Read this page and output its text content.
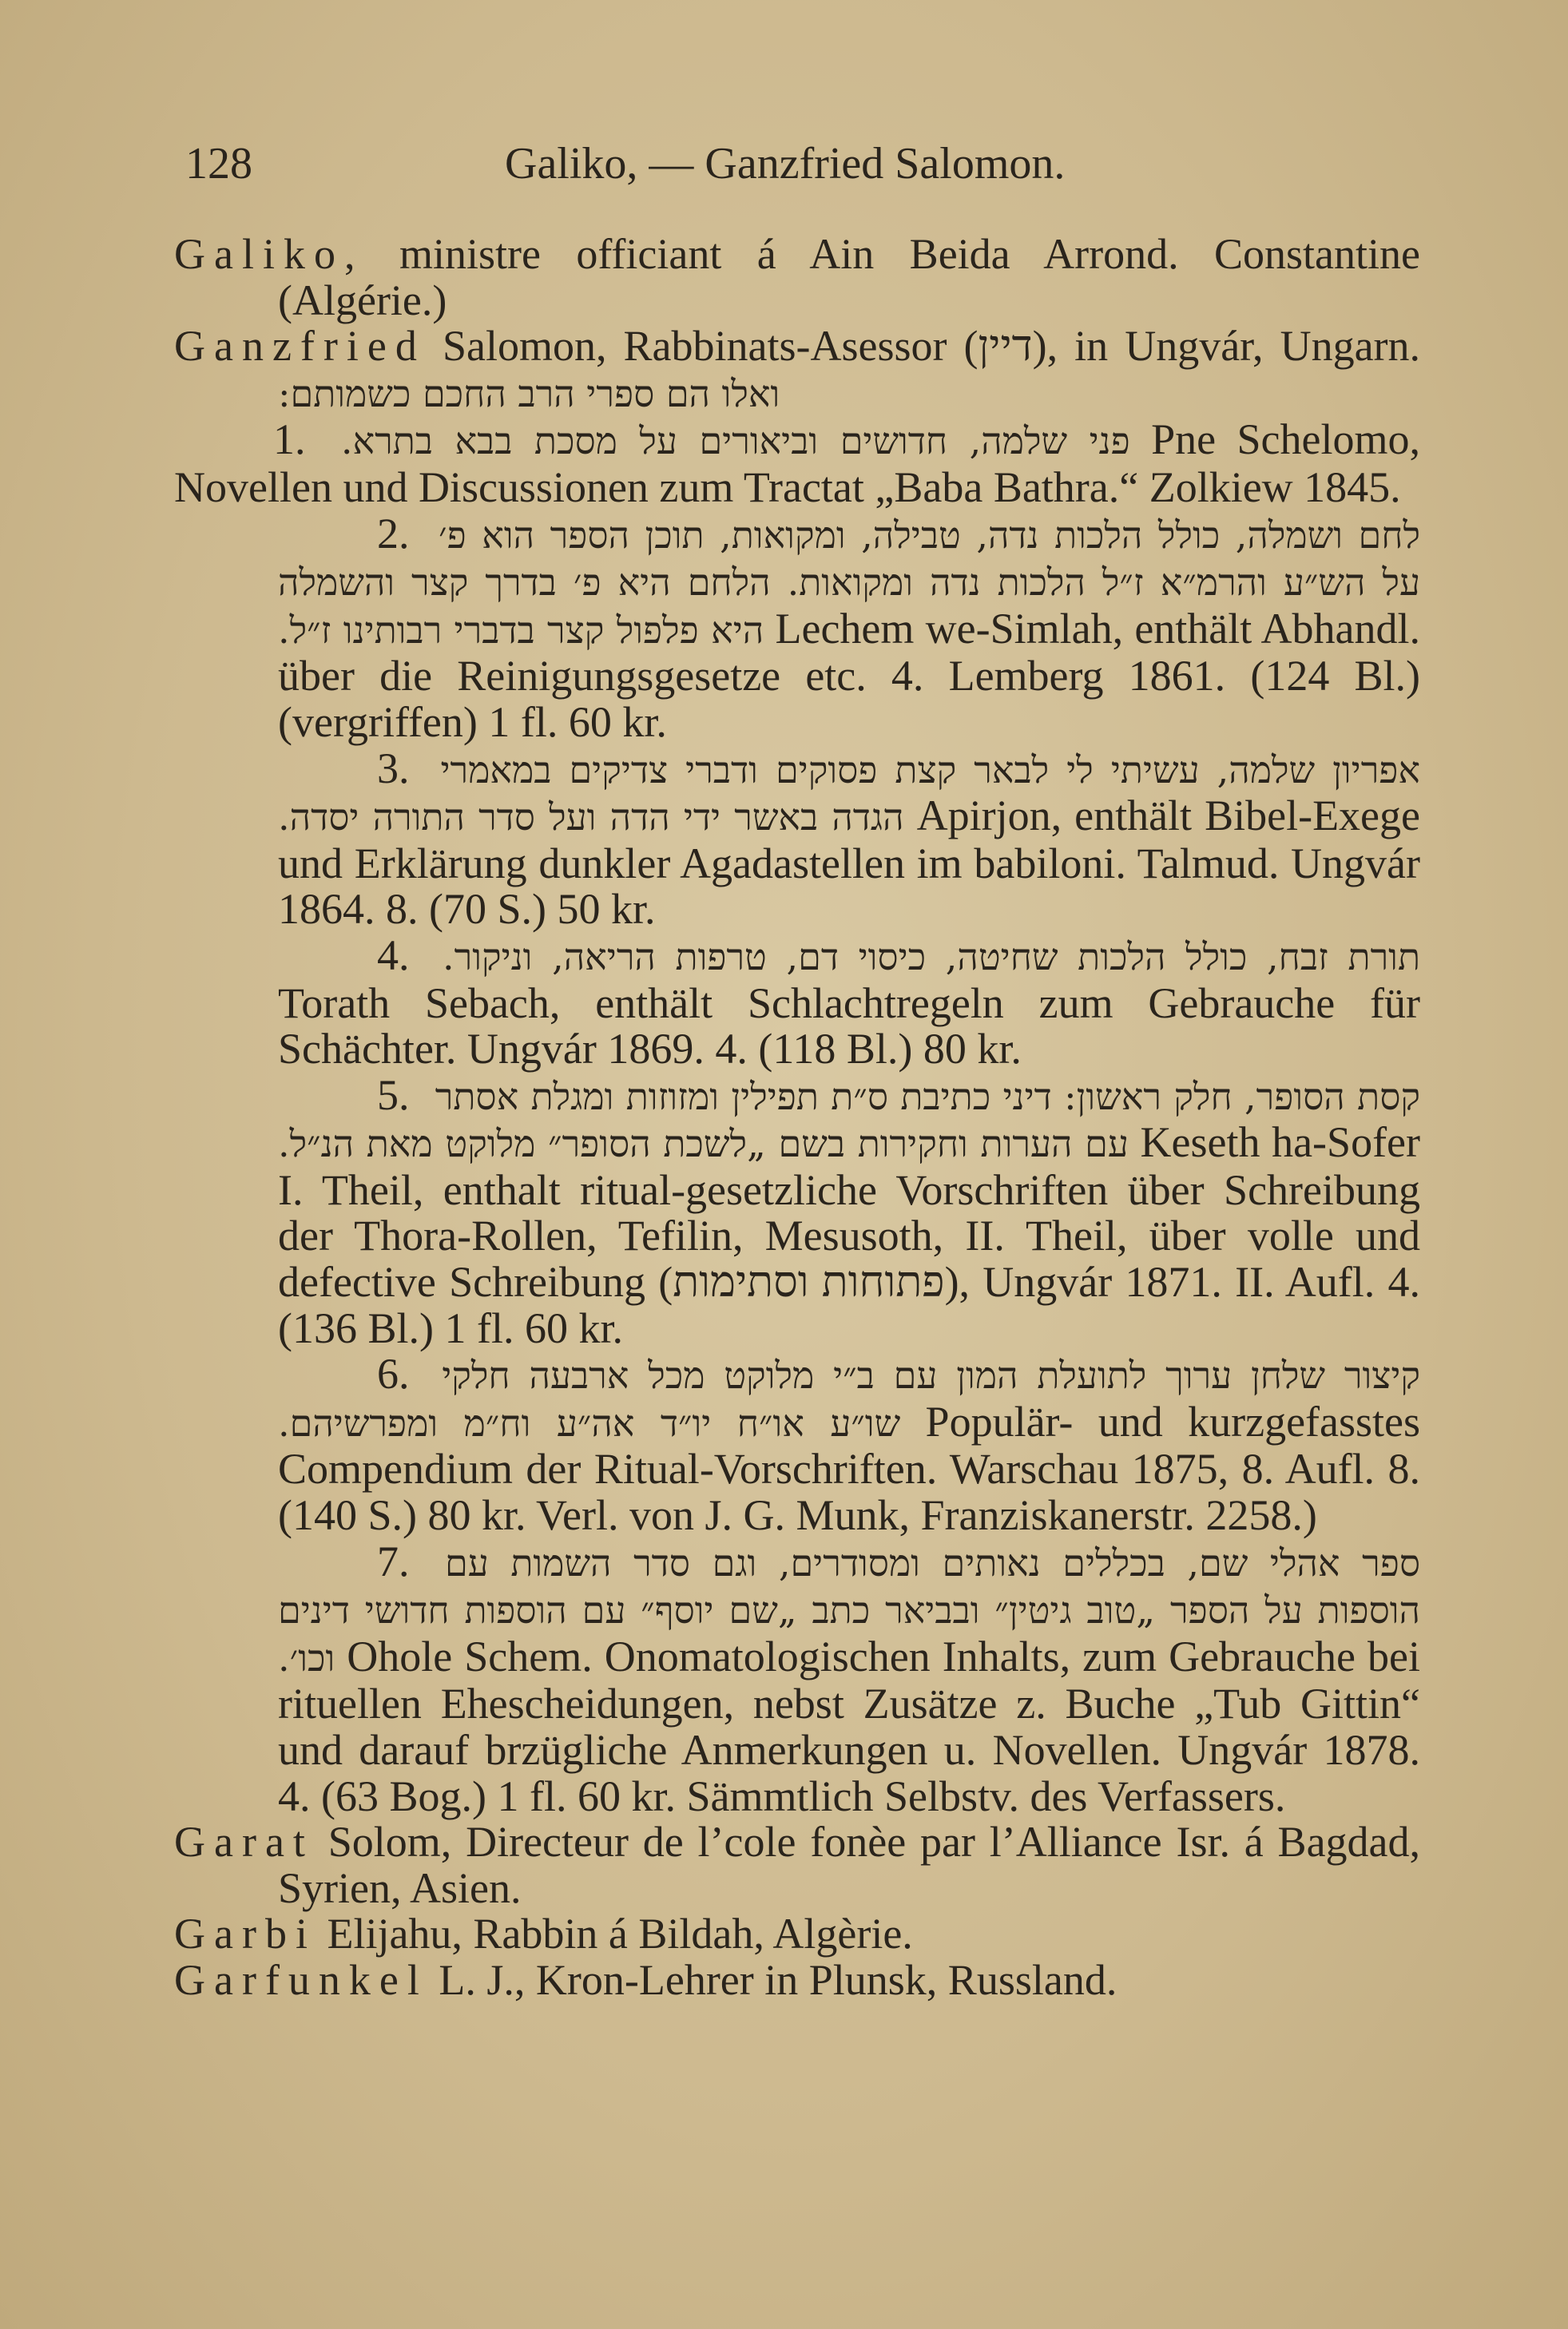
128	Galiko, — Ganzfried Salomon.

Galiko, ministre officiant á Ain Beida Arrond. Constantine (Algérie.)

Ganzfried Salomon, Rabbinats-Asessor (דיין), in Ungvár, Ungarn. ואלו הם ספרי הרב החכם כשמותם:

1. פני שלמה, חדושים וביאורים על מסכת בבא בתרא. Pne Schelomo, Novellen und Discussionen zum Tractat „Baba Bathra.“ Zolkiew 1845.

2. לחם ושמלה, כולל הלכות נדה, טבילה, ומקואות, תוכן הספר הוא פ׳ על הש״ע והרמ״א ז״ל הלכות נדה ומקואות. הלחם היא פ׳ בדרך קצר והשמלה היא פלפול קצר בדברי רבותינו ז״ל. Lechem we-Simlah, enthält Abhandl. über die Reinigungsgesetze etc. 4. Lemberg 1861. (124 Bl.) (vergriffen) 1 fl. 60 kr.

3. אפריון שלמה, עשיתי לי לבאר קצת פסוקים ודברי צדיקים במאמרי הגדה באשר ידי הדה ועל סדר התורה יסדה. Apirjon, enthält Bibel-Exege und Erklärung dunkler Agadastellen im babiloni. Talmud. Ungvár 1864. 8. (70 S.) 50 kr.

4. תורת זבח, כולל הלכות שחיטה, כיסוי דם, טרפות הריאה, וניקור. Torath Sebach, enthält Schlachtregeln zum Gebrauche für Schächter. Ungvár 1869. 4. (118 Bl.) 80 kr.

5. קסת הסופר, חלק ראשון: דיני כתיבת ס״ת תפילין ומזוזות ומגלת אסתר עם הערות וחקירות בשם „לשכת הסופר״ מלוקט מאת הנ״ל. Keseth ha-Sofer I. Theil, enthalt ritual-gesetzliche Vorschriften über Schreibung der Thora-Rollen, Tefilin, Mesusoth, II. Theil, über volle und defective Schreibung (פתוחות וסתימות), Ungvár 1871. II. Aufl. 4. (136 Bl.) 1 fl. 60 kr.

6. קיצור שלחן ערוך לתועלת המון עם ב״י מלוקט מכל ארבעה חלקי שו״ע או״ח יו״ד אה״ע וח״מ ומפרשיהם. Populär- und kurzgefasstes Compendium der Ritual-Vorschriften. Warschau 1875, 8. Aufl. 8. (140 S.) 80 kr. Verl. von J. G. Munk, Franziskanerstr. 2258.)

7. ספר אהלי שם, בכללים נאותים ומסודרים, וגם סדר השמות עם הוספות על הספר „טוב גיטין״ ובביאר כתב „שם יוסף״ עם הוספות חדושי דינים וכו׳. Ohole Schem. Onomatologischen Inhalts, zum Gebrauche bei rituellen Ehescheidungen, nebst Zusätze z. Buche „Tub Gittin“ und darauf brzügliche Anmerkungen u. Novellen. Ungvár 1878. 4. (63 Bog.) 1 fl. 60 kr. Sämmtlich Selbstv. des Verfassers.

Garat Solom, Directeur de l’cole fonèe par l’Alliance Isr. á Bagdad, Syrien, Asien.

Garbi Elijahu, Rabbin á Bildah, Algèrie.

Garfunkel L. J., Kron-Lehrer in Plunsk, Russland.
